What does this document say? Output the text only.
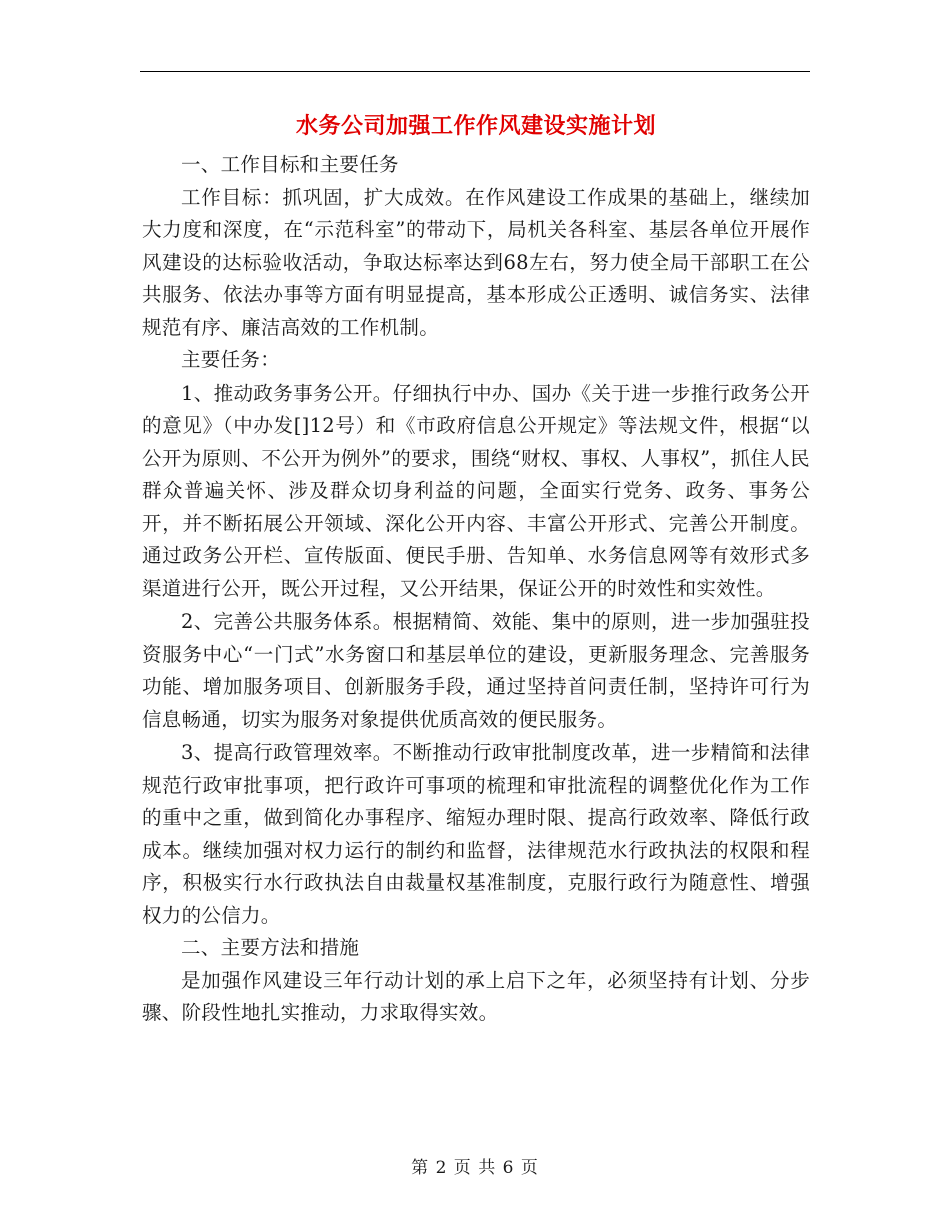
水务公司加强工作作风建设实施计划

一、工作目标和主要任务

工作目标：抓巩固，扩大成效。在作风建设工作成果的基础上，继续加大力度和深度，在“示范科室”的带动下，局机关各科室、基层各单位开展作风建设的达标验收活动，争取达标率达到68左右，努力使全局干部职工在公共服务、依法办事等方面有明显提高，基本形成公正透明、诚信务实、法律规范有序、廉洁高效的工作机制。

主要任务：

1、推动政务事务公开。仔细执行中办、国办《关于进一步推行政务公开的意见》（中办发[]12号）和《市政府信息公开规定》等法规文件，根据“以公开为原则、不公开为例外”的要求，围绕“财权、事权、人事权”，抓住人民群众普遍关怀、涉及群众切身利益的问题，全面实行党务、政务、事务公开，并不断拓展公开领域、深化公开内容、丰富公开形式、完善公开制度。通过政务公开栏、宣传版面、便民手册、告知单、水务信息网等有效形式多渠道进行公开，既公开过程，又公开结果，保证公开的时效性和实效性。

2、完善公共服务体系。根据精简、效能、集中的原则，进一步加强驻投资服务中心“一门式”水务窗口和基层单位的建设，更新服务理念、完善服务功能、增加服务项目、创新服务手段，通过坚持首问责任制，坚持许可行为信息畅通，切实为服务对象提供优质高效的便民服务。

3、提高行政管理效率。不断推动行政审批制度改革，进一步精简和法律规范行政审批事项，把行政许可事项的梳理和审批流程的调整优化作为工作的重中之重，做到简化办事程序、缩短办理时限、提高行政效率、降低行政成本。继续加强对权力运行的制约和监督，法律规范水行政执法的权限和程序，积极实行水行政执法自由裁量权基准制度，克服行政行为随意性、增强权力的公信力。

二、主要方法和措施

是加强作风建设三年行动计划的承上启下之年，必须坚持有计划、分步骤、阶段性地扎实推动，力求取得实效。

第 2 页 共 6 页
